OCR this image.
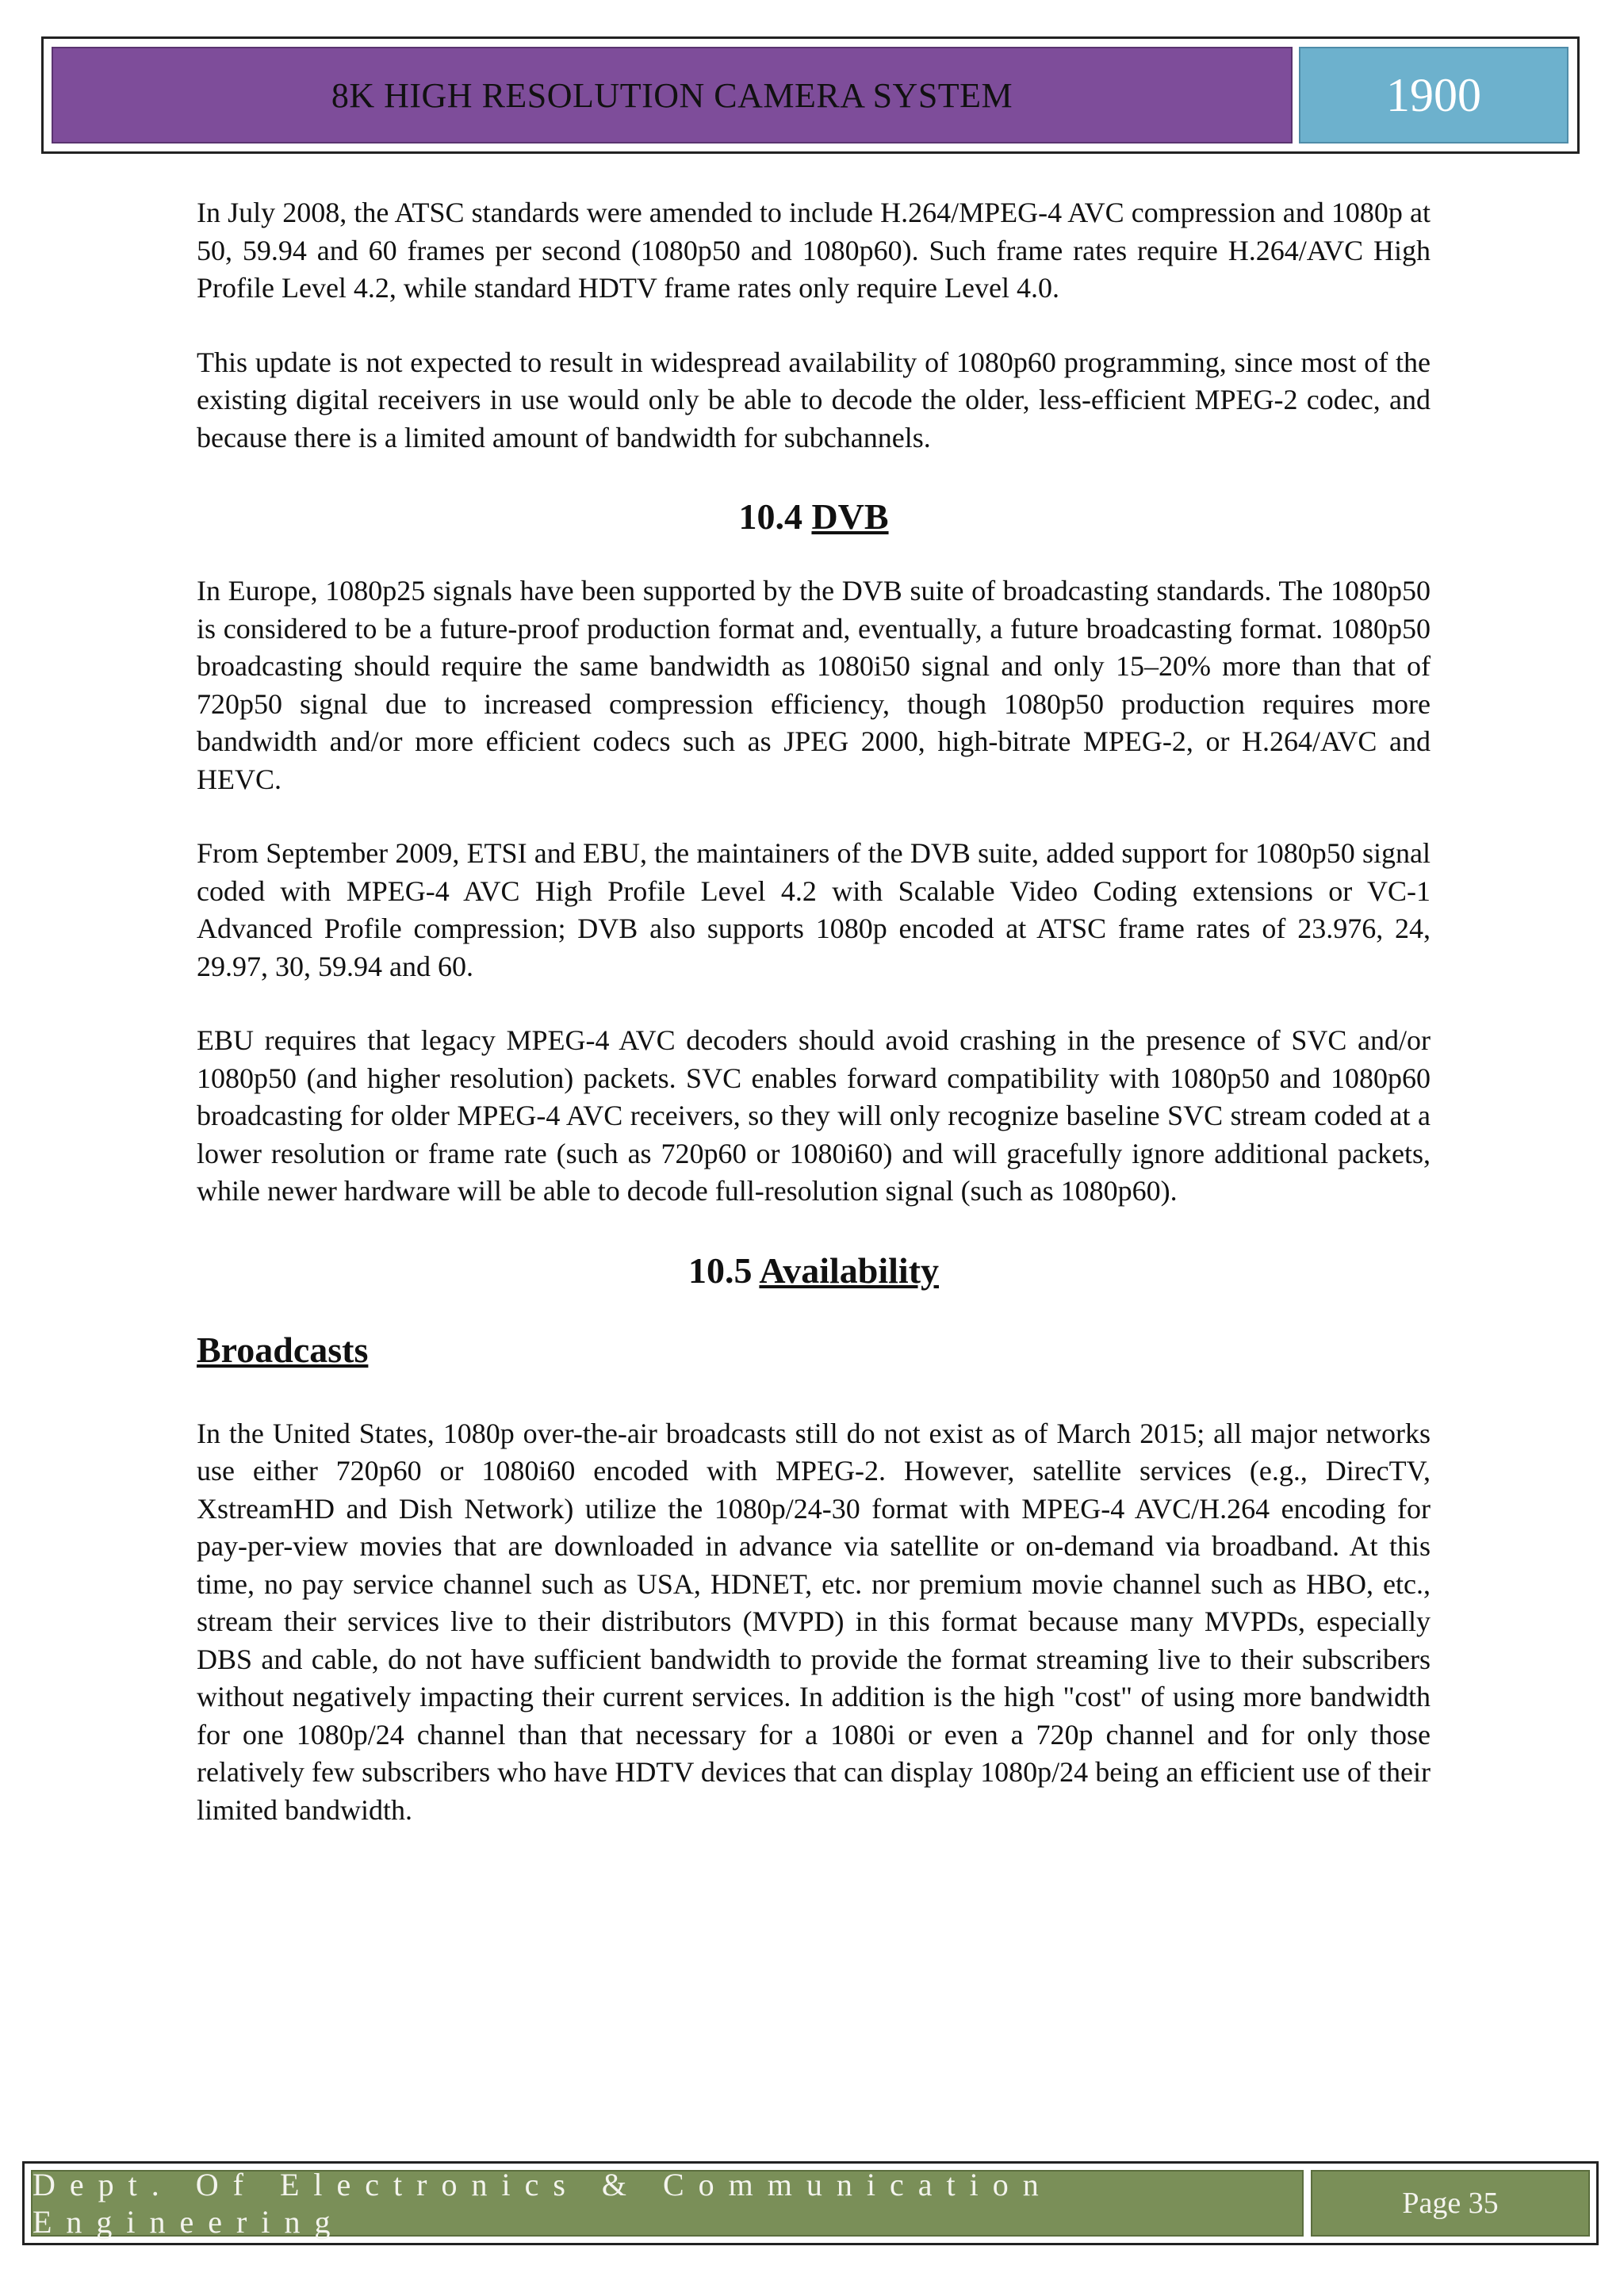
8K HIGH RESOLUTION CAMERA SYSTEM	1900

In July 2008, the ATSC standards were amended to include H.264/MPEG-4 AVC compression and 1080p at 50, 59.94 and 60 frames per second (1080p50 and 1080p60). Such frame rates require H.264/AVC High Profile Level 4.2, while standard HDTV frame rates only require Level 4.0.

This update is not expected to result in widespread availability of 1080p60 programming, since most of the existing digital receivers in use would only be able to decode the older, less-efficient MPEG-2 codec, and because there is a limited amount of bandwidth for subchannels.

10.4 DVB

In Europe, 1080p25 signals have been supported by the DVB suite of broadcasting standards. The 1080p50 is considered to be a future-proof production format and, eventually, a future broadcasting format. 1080p50 broadcasting should require the same bandwidth as 1080i50 signal and only 15–20% more than that of 720p50 signal due to increased compression efficiency, though 1080p50 production requires more bandwidth and/or more efficient codecs such as JPEG 2000, high-bitrate MPEG-2, or H.264/AVC and HEVC.

From September 2009, ETSI and EBU, the maintainers of the DVB suite, added support for 1080p50 signal coded with MPEG-4 AVC High Profile Level 4.2 with Scalable Video Coding extensions or VC-1 Advanced Profile compression; DVB also supports 1080p encoded at ATSC frame rates of 23.976, 24, 29.97, 30, 59.94 and 60.

EBU requires that legacy MPEG-4 AVC decoders should avoid crashing in the presence of SVC and/or 1080p50 (and higher resolution) packets. SVC enables forward compatibility with 1080p50 and 1080p60 broadcasting for older MPEG-4 AVC receivers, so they will only recognize baseline SVC stream coded at a lower resolution or frame rate (such as 720p60 or 1080i60) and will gracefully ignore additional packets, while newer hardware will be able to decode full-resolution signal (such as 1080p60).

10.5 Availability
Broadcasts

In the United States, 1080p over-the-air broadcasts still do not exist as of March 2015; all major networks use either 720p60 or 1080i60 encoded with MPEG-2. However, satellite services (e.g., DirecTV, XstreamHD and Dish Network) utilize the 1080p/24-30 format with MPEG-4 AVC/H.264 encoding for pay-per-view movies that are downloaded in advance via satellite or on-demand via broadband. At this time, no pay service channel such as USA, HDNET, etc. nor premium movie channel such as HBO, etc., stream their services live to their distributors (MVPD) in this format because many MVPDs, especially DBS and cable, do not have sufficient bandwidth to provide the format streaming live to their subscribers without negatively impacting their current services. In addition is the high "cost" of using more bandwidth for one 1080p/24 channel than that necessary for a 1080i or even a 720p channel and for only those relatively few subscribers who have HDTV devices that can display 1080p/24 being an efficient use of their limited bandwidth.

Dept. Of Electronics & Communication Engineering
Page 35
